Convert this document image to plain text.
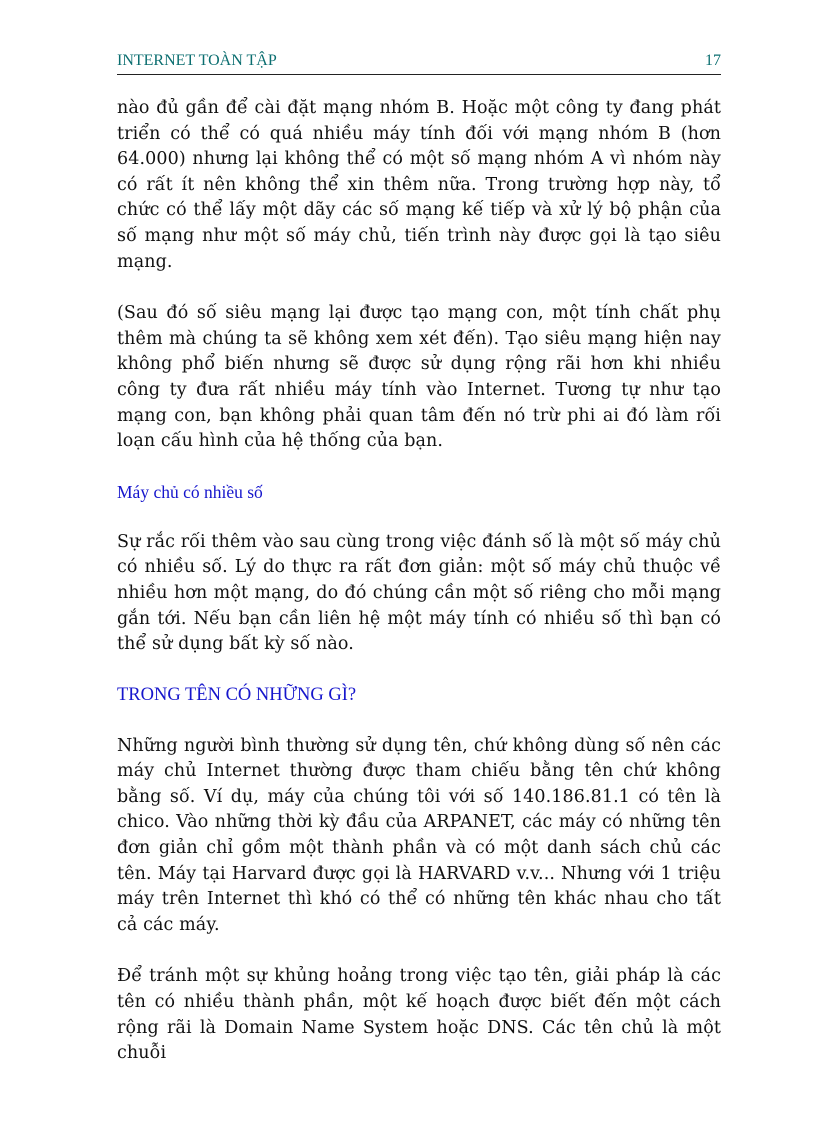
INTERNET TOÀN TẬP	17

nào đủ gần để cài đặt mạng nhóm B. Hoặc một công ty đang phát triển có thể có quá nhiều máy tính đối với mạng nhóm B (hơn 64.000) nhưng lại không thể có một số mạng nhóm A vì nhóm này có rất ít nên không thể xin thêm nữa. Trong trường hợp này, tổ chức có thể lấy một dãy các số mạng kế tiếp và xử lý bộ phận của số mạng như một số máy chủ, tiến trình này được gọi là tạo siêu mạng.

(Sau đó số siêu mạng lại được tạo mạng con, một tính chất phụ thêm mà chúng ta sẽ không xem xét đến). Tạo siêu mạng hiện nay không phổ biến nhưng sẽ được sử dụng rộng rãi hơn khi nhiều công ty đưa rất nhiều máy tính vào Internet. Tương tự như tạo mạng con, bạn không phải quan tâm đến nó trừ phi ai đó làm rối loạn cấu hình của hệ thống của bạn.

Máy chủ có nhiều số

Sự rắc rối thêm vào sau cùng trong việc đánh số là một số máy chủ có nhiều số. Lý do thực ra rất đơn giản: một số máy chủ thuộc về nhiều hơn một mạng, do đó chúng cần một số riêng cho mỗi mạng gắn tới. Nếu bạn cần liên hệ một máy tính có nhiều số thì bạn có thể sử dụng bất kỳ số nào.

TRONG TÊN CÓ NHỮNG GÌ?

Những người bình thường sử dụng tên, chứ không dùng số nên các máy chủ Internet thường được tham chiếu bằng tên chứ không bằng số. Ví dụ, máy của chúng tôi với số 140.186.81.1 có tên là chico. Vào những thời kỳ đầu của ARPANET, các máy có những tên đơn giản chỉ gồm một thành phần và có một danh sách chủ các tên. Máy tại Harvard được gọi là HARVARD v.v... Nhưng với 1 triệu máy trên Internet thì khó có thể có những tên khác nhau cho tất cả các máy.

Để tránh một sự khủng hoảng trong việc tạo tên, giải pháp là các tên có nhiều thành phần, một kế hoạch được biết đến một cách rộng rãi là Domain Name System hoặc DNS. Các tên chủ là một chuỗi
